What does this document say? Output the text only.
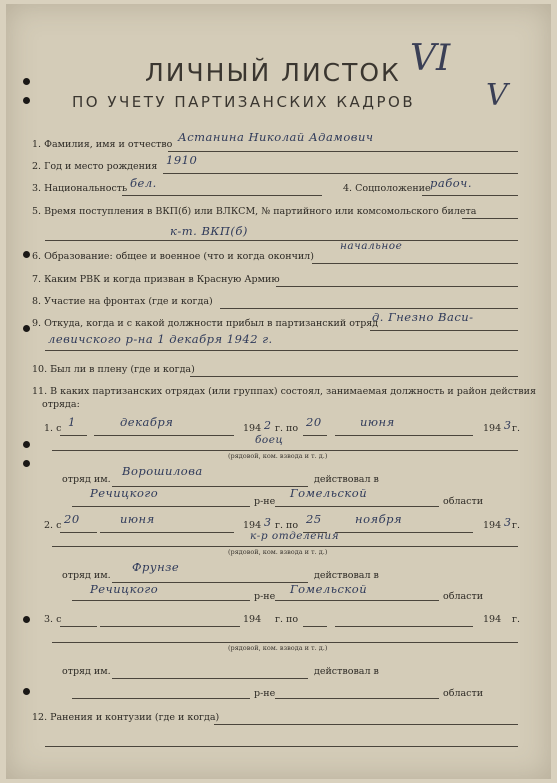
ЛИЧНЫЙ ЛИСТОК VI
ПО УЧЕТУ ПАРТИЗАНСКИХ КАДРОВ V
1. Фамилия, имя и отчество
Астанина Николай Адамович
2. Год и место рождения 1910
3. Национальность бел.	4. Соцположение рабоч.
5. Время поступления в ВКП(б) или ВЛКСМ, № партийного или комсомольского билета
к-т. ВКП(б)
6. Образование: общее и военное (что и когда окончил)
начальное
7. Каким РВК и когда призван в Красную Армию
8. Участие на фронтах (где и когда)
9. Откуда, когда и с какой должности прибыл в партизанский отряд
д. Гнезно Васи-
левичского р-на 1 декабря 1942 г.
10. Был ли в плену (где и когда)
11. В каких партизанских отрядах (или группах) состоял, занимаемая должность и район действия
отряда:
1. с 1	декабря	194 2 г. по 20	июня	194 3 г.
боец
(рядовой, ком. взвода и т. д.)
отряд им.
Ворошилова
действовал в
Речицкого
р-не
Гомельской
области
2. с 20	июня	194 3 г. по 25	ноября	194 3 г.
к-р отделения
(рядовой, ком. взвода и т. д.)
отряд им.
Фрунзе
действовал в
Речицкого
р-не
Гомельской
области
3. с	194 г. по	194 г.
(рядовой, ком. взвода и т. д.)
отряд им.	действовал в
р-не	области
12. Ранения и контузии (где и когда)
